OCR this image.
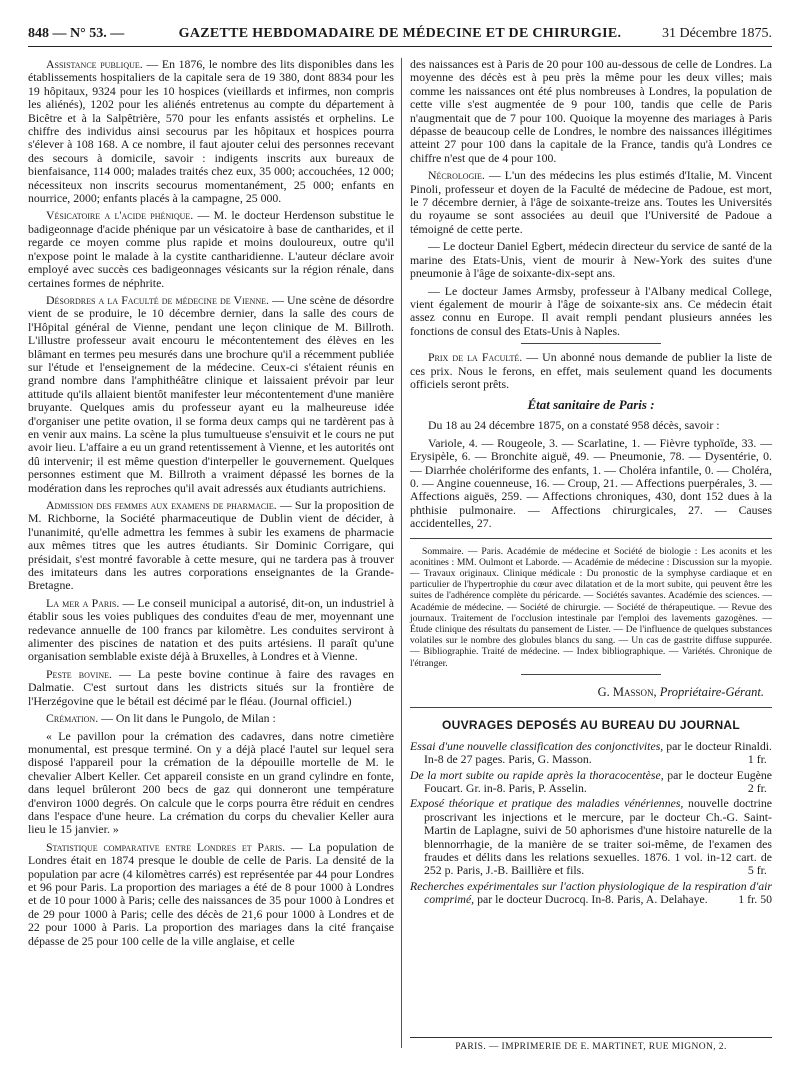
848 — N° 53. —	GAZETTE HEBDOMADAIRE DE MÉDECINE ET DE CHIRURGIE.	31 Décembre 1875.

Assistance publique. — En 1876, le nombre des lits disponibles dans les établissements hospitaliers de la capitale sera de 19 380, dont 8834 pour les 19 hôpitaux, 9324 pour les 10 hospices (vieillards et infirmes, non compris les aliénés), 1202 pour les aliénés entretenus au compte du département à Bicêtre et à la Salpêtrière, 570 pour les enfants assistés et orphelins. Le chiffre des individus ainsi secourus par les hôpitaux et hospices pourra s'élever à 108 168. A ce nombre, il faut ajouter celui des personnes recevant des secours à domicile, savoir : indigents inscrits aux bureaux de bienfaisance, 114 000; malades traités chez eux, 35 000; accouchées, 12 000; nécessiteux non inscrits secourus momentanément, 25 000; enfants en nourrice, 2000; enfants placés à la campagne, 25 000.

Vésicatoire a l'acide phénique. — M. le docteur Herdenson substitue le badigeonnage d'acide phénique par un vésicatoire à base de cantharides, et il regarde ce moyen comme plus rapide et moins douloureux, outre qu'il n'expose point le malade à la cystite cantharidienne. L'auteur déclare avoir employé avec succès ces badigeonnages vésicants sur la région rénale, dans certaines formes de néphrite.

Désordres a la Faculté de médecine de Vienne. — Une scène de désordre vient de se produire, le 10 décembre dernier, dans la salle des cours de l'Hôpital général de Vienne, pendant une leçon clinique de M. Billroth. L'illustre professeur avait encouru le mécontentement des élèves en les blâmant en termes peu mesurés dans une brochure qu'il a récemment publiée sur l'étude et l'enseignement de la médecine. Ceux-ci s'étaient réunis en grand nombre dans l'amphithéâtre clinique et laissaient prévoir par leur attitude qu'ils allaient bientôt manifester leur mécontentement d'une manière bruyante. Quelques amis du professeur ayant eu la malheureuse idée d'organiser une petite ovation, il se forma deux camps qui ne tardèrent pas à en venir aux mains. La scène la plus tumultueuse s'ensuivit et le cours ne put avoir lieu. L'affaire a eu un grand retentissement à Vienne, et les autorités ont dû intervenir; il est même question d'interpeller le gouvernement. Quelques personnes estiment que M. Billroth a vraiment dépassé les bornes de la modération dans les reproches qu'il avait adressés aux étudiants autrichiens.

Admission des femmes aux examens de pharmacie. — Sur la proposition de M. Richborne, la Société pharmaceutique de Dublin vient de décider, à l'unanimité, qu'elle admettra les femmes à subir les examens de pharmacie aux mêmes titres que les autres étudiants. Sir Dominic Corrigare, qui présidait, s'est montré favorable à cette mesure, qui ne tardera pas à trouver des imitateurs dans les autres corporations enseignantes de la Grande-Bretagne.

La mer a Paris. — Le conseil municipal a autorisé, dit-on, un industriel à établir sous les voies publiques des conduites d'eau de mer, moyennant une redevance annuelle de 100 francs par kilomètre. Les conduites serviront à alimenter des piscines de natation et des puits artésiens. Il paraît qu'une organisation semblable existe déjà à Bruxelles, à Londres et à Vienne.

Peste bovine. — La peste bovine continue à faire des ravages en Dalmatie. C'est surtout dans les districts situés sur la frontière de l'Herzégovine que le bétail est décimé par le fléau. (Journal officiel.)

Crémation. — On lit dans le Pungolo, de Milan :

« Le pavillon pour la crémation des cadavres, dans notre cimetière monumental, est presque terminé. On y a déjà placé l'autel sur lequel sera disposé l'appareil pour la crémation de la dépouille mortelle de M. le chevalier Albert Keller. Cet appareil consiste en un grand cylindre en fonte, dans lequel brûleront 200 becs de gaz qui donneront une température d'environ 1000 degrés. On calcule que le corps pourra être réduit en cendres dans l'espace d'une heure. La crémation du corps du chevalier Keller aura lieu le 15 janvier. »

Statistique comparative entre Londres et Paris. — La population de Londres était en 1874 presque le double de celle de Paris. La densité de la population par acre (4 kilomètres carrés) est représentée par 44 pour Londres et 96 pour Paris. La proportion des mariages a été de 8 pour 1000 à Londres et de 10 pour 1000 à Paris; celle des naissances de 35 pour 1000 à Londres et de 29 pour 1000 à Paris; celle des décès de 21,6 pour 1000 à Londres et de 22 pour 1000 à Paris. La proportion des mariages dans la cité française dépasse de 25 pour 100 celle de la ville anglaise, et celle

des naissances est à Paris de 20 pour 100 au-dessous de celle de Londres. La moyenne des décès est à peu près la même pour les deux villes; mais comme les naissances ont été plus nombreuses à Londres, la population de cette ville s'est augmentée de 9 pour 100, tandis que celle de Paris n'augmentait que de 7 pour 100. Quoique la moyenne des mariages à Paris dépasse de beaucoup celle de Londres, le nombre des naissances illégitimes atteint 27 pour 100 dans la capitale de la France, tandis qu'à Londres ce chiffre n'est que de 4 pour 100.

Nécrologie. — L'un des médecins les plus estimés d'Italie, M. Vincent Pinoli, professeur et doyen de la Faculté de médecine de Padoue, est mort, le 7 décembre dernier, à l'âge de soixante-treize ans. Toutes les Universités du royaume se sont associées au deuil que l'Université de Padoue a témoigné de cette perte.

— Le docteur Daniel Egbert, médecin directeur du service de santé de la marine des Etats-Unis, vient de mourir à New-York des suites d'une pneumonie à l'âge de soixante-dix-sept ans.

— Le docteur James Armsby, professeur à l'Albany medical College, vient également de mourir à l'âge de soixante-six ans. Ce médecin était assez connu en Europe. Il avait rempli pendant plusieurs années les fonctions de consul des Etats-Unis à Naples.

Prix de la Faculté. — Un abonné nous demande de publier la liste de ces prix. Nous le ferons, en effet, mais seulement quand les documents officiels seront prêts.

État sanitaire de Paris :

Du 18 au 24 décembre 1875, on a constaté 958 décès, savoir :

Variole, 4. — Rougeole, 3. — Scarlatine, 1. — Fièvre typhoïde, 33. — Erysipèle, 6. — Bronchite aiguë, 49. — Pneumonie, 78. — Dysentérie, 0. — Diarrhée cholériforme des enfants, 1. — Choléra infantile, 0. — Choléra, 0. — Angine couenneuse, 16. — Croup, 21. — Affections puerpérales, 3. — Affections aiguës, 259. — Affections chroniques, 430, dont 152 dues à la phthisie pulmonaire. — Affections chirurgicales, 27. — Causes accidentelles, 27.

Sommaire. — Paris. Académie de médecine et Société de biologie : Les aconits et les aconitines : MM. Oulmont et Laborde. — Académie de médecine : Discussion sur la myopie. — Travaux originaux. Clinique médicale : Du pronostic de la symphyse cardiaque et en particulier de l'hypertrophie du cœur avec dilatation et de la mort subite, qui peuvent être les suites de l'adhérence complète du péricarde. — Sociétés savantes. Académie des sciences. — Académie de médecine. — Société de chirurgie. — Société de thérapeutique. — Revue des journaux. Traitement de l'occlusion intestinale par l'emploi des lavements gazogènes. — Étude clinique des résultats du pansement de Lister. — De l'influence de quelques substances volatiles sur le nombre des globules blancs du sang. — Un cas de gastrite diffuse suppurée. — Bibliographie. Traité de médecine. — Index bibliographique. — Variétés. Chronique de l'étranger.

G. Masson, Propriétaire-Gérant.
OUVRAGES DEPOSÉS AU BUREAU DU JOURNAL

Essai d'une nouvelle classification des conjonctivites, par le docteur Rinaldi. In-8 de 27 pages. Paris, G. Masson.	1 fr.

De la mort subite ou rapide après la thoracocentèse, par le docteur Eugène Foucart. Gr. in-8. Paris, P. Asselin.	2 fr.

Exposé théorique et pratique des maladies vénériennes, nouvelle doctrine proscrivant les injections et le mercure, par le docteur Ch.-G. Saint-Martin de Laplagne, suivi de 50 aphorismes d'une histoire naturelle de la blennorrhagie, de la manière de se traiter soi-même, de l'examen des fraudes et délits dans les relations sexuelles. 1876. 1 vol. in-12 cart. de 252 p. Paris, J.-B. Baillière et fils.	5 fr.

Recherches expérimentales sur l'action physiologique de la respiration d'air comprimé, par le docteur Ducrocq. In-8. Paris, A. Delahaye.	1 fr. 50

PARIS. — IMPRIMERIE DE E. MARTINET, RUE MIGNON, 2.
